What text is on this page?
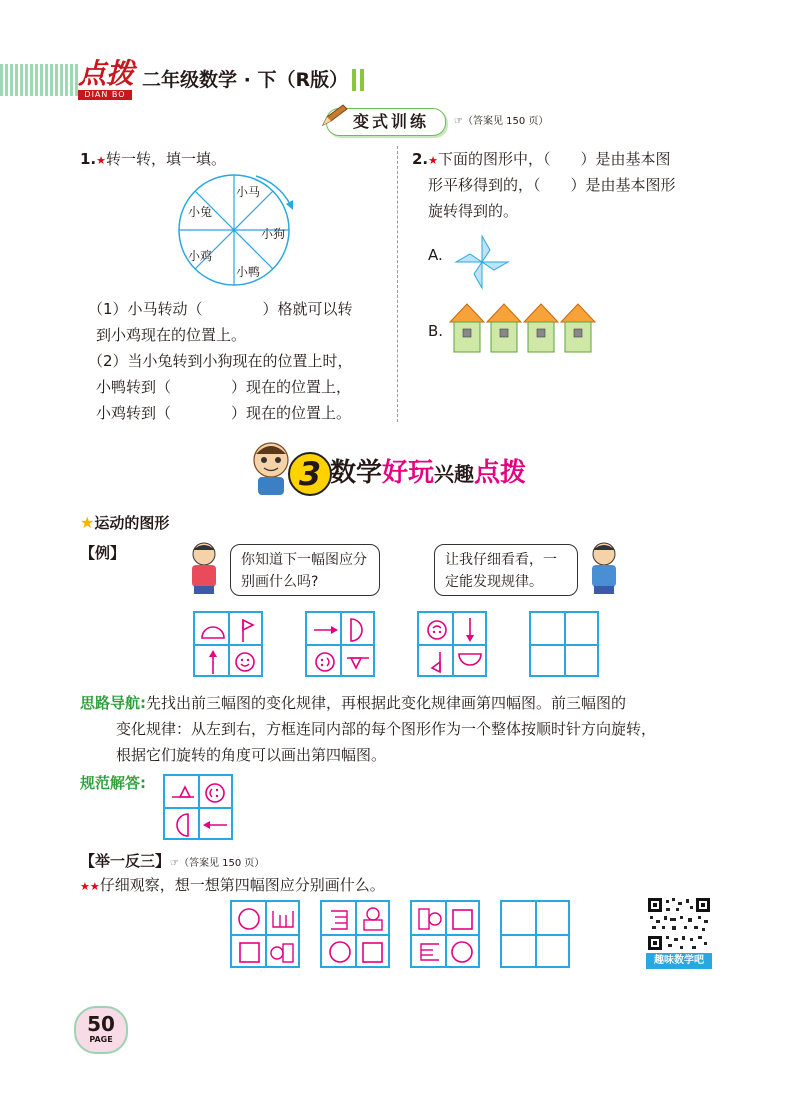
点拨
DIAN BO
二年级数学 · 下（R版）
变式训练 ☞（答案见 150 页）
1.★转一转，填一填。
小马
小兔
小狗
小鸡
小鸭
（1）小马转动（　　　　）格就可以转
到小鸡现在的位置上。
（2）当小兔转到小狗现在的位置上时，
小鸭转到（　　　　）现在的位置上，
小鸡转到（　　　　）现在的位置上。
2.★下面的图形中，（　　）是由基本图
形平移得到的，（　　）是由基本图形
旋转得到的。
A.
B.
3 数学好玩兴趣点拨
★运动的图形
【例】	你知道下一幅图应分别画什么吗?
让我仔细看看，一定能发现规律。
思路导航:先找出前三幅图的变化规律，再根据此变化规律画第四幅图。前三幅图的
变化规律：从左到右，方框连同内部的每个图形作为一个整体按顺时针方向旋转，
根据它们旋转的角度可以画出第四幅图。
规范解答:
【举一反三】☞（答案见 150 页）
★★仔细观察，想一想第四幅图应分别画什么。
趣味数学吧
50
PAGE
